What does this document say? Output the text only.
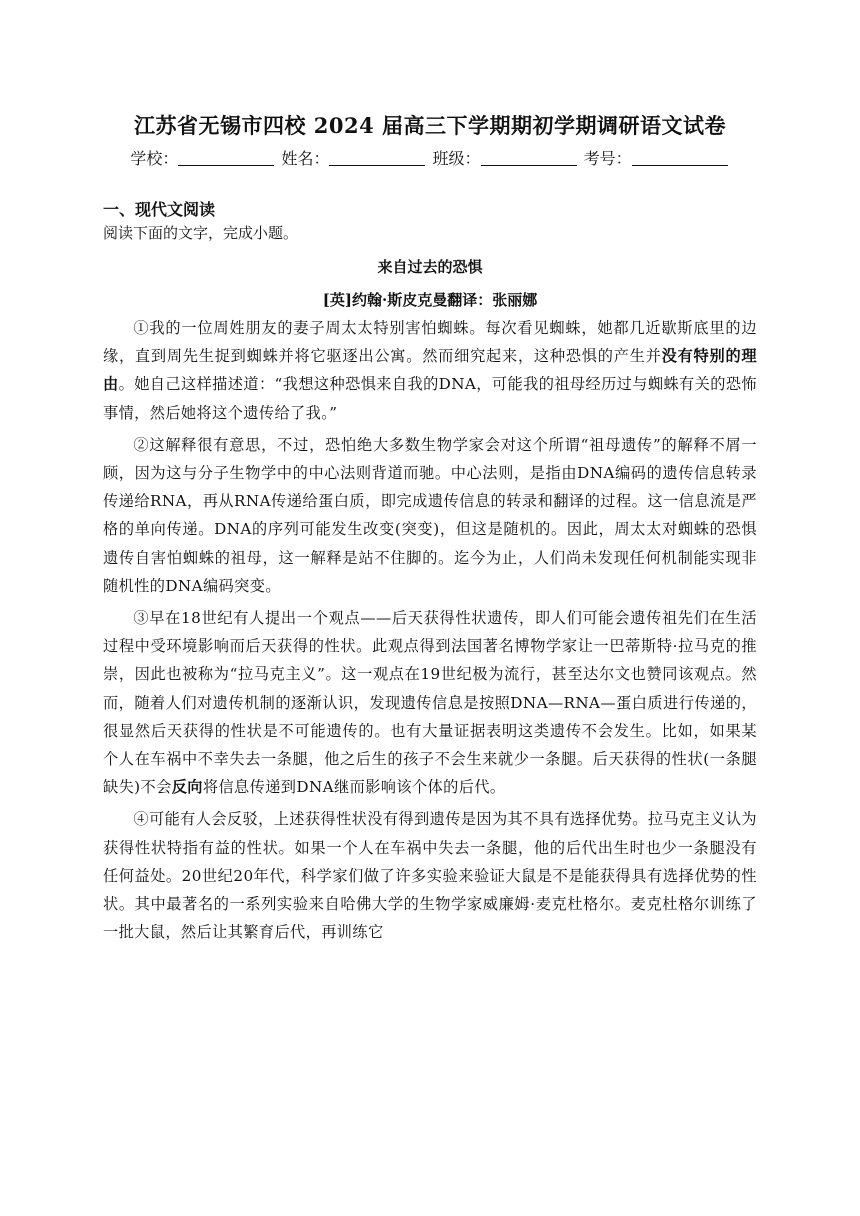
江苏省无锡市四校 2024 届高三下学期期初学期调研语文试卷
学校：	姓名：	班级：	考号：
一、现代文阅读
阅读下面的文字，完成小题。
来自过去的恐惧
[英]约翰·斯皮克曼翻译：张丽娜

①我的一位周姓朋友的妻子周太太特别害怕蜘蛛。每次看见蜘蛛，她都几近歇斯底里的边缘，直到周先生捉到蜘蛛并将它驱逐出公寓。然而细究起来，这种恐惧的产生并没有特别的理由。她自己这样描述道：“我想这种恐惧来自我的DNA，可能我的祖母经历过与蜘蛛有关的恐怖事情，然后她将这个遗传给了我。”

②这解释很有意思，不过，恐怕绝大多数生物学家会对这个所谓“祖母遗传”的解释不屑一顾，因为这与分子生物学中的中心法则背道而驰。中心法则，是指由DNA编码的遗传信息转录传递给RNA，再从RNA传递给蛋白质，即完成遗传信息的转录和翻译的过程。这一信息流是严格的单向传递。DNA的序列可能发生改变(突变)，但这是随机的。因此，周太太对蜘蛛的恐惧遗传自害怕蜘蛛的祖母，这一解释是站不住脚的。迄今为止，人们尚未发现任何机制能实现非随机性的DNA编码突变。

③早在18世纪有人提出一个观点——后天获得性状遗传，即人们可能会遗传祖先们在生活过程中受环境影响而后天获得的性状。此观点得到法国著名博物学家让一巴蒂斯特·拉马克的推崇，因此也被称为“拉马克主义”。这一观点在19世纪极为流行，甚至达尔文也赞同该观点。然而，随着人们对遗传机制的逐渐认识，发现遗传信息是按照DNA—RNA—蛋白质进行传递的，很显然后天获得的性状是不可能遗传的。也有大量证据表明这类遗传不会发生。比如，如果某个人在车祸中不幸失去一条腿，他之后生的孩子不会生来就少一条腿。后天获得的性状(一条腿缺失)不会反向将信息传递到DNA继而影响该个体的后代。

④可能有人会反驳，上述获得性状没有得到遗传是因为其不具有选择优势。拉马克主义认为获得性状特指有益的性状。如果一个人在车祸中失去一条腿，他的后代出生时也少一条腿没有任何益处。20世纪20年代，科学家们做了许多实验来验证大鼠是不是能获得具有选择优势的性状。其中最著名的一系列实验来自哈佛大学的生物学家威廉姆·麦克杜格尔。麦克杜格尔训练了一批大鼠，然后让其繁育后代，再训练它
